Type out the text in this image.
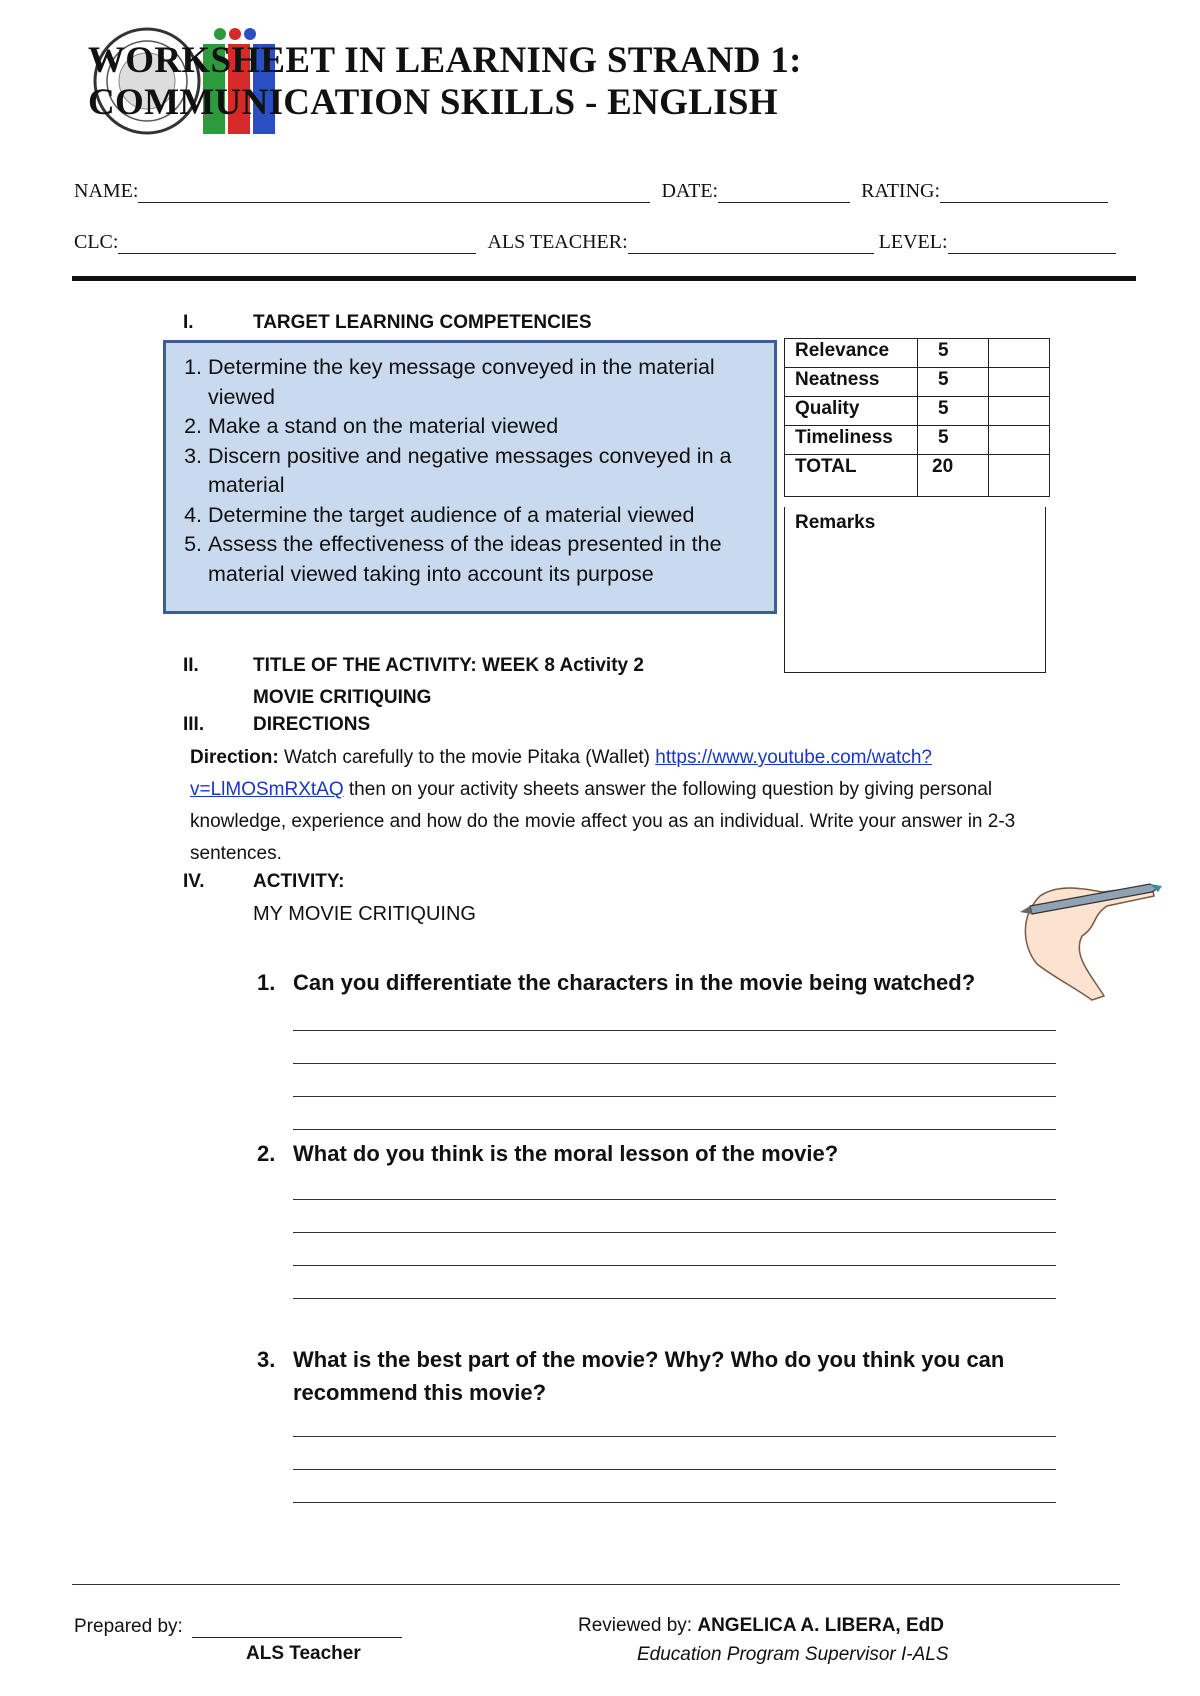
WORKSHEET IN LEARNING STRAND 1:
COMMUNICATION SKILLS - ENGLISH
NAME:	DATE:	RATING:
CLC:	ALS TEACHER:	LEVEL:
I.	TARGET LEARNING COMPETENCIES
1. Determine the key message conveyed in the material viewed
2. Make a stand on the material viewed
3. Discern positive and negative messages conveyed in a material
4. Determine the target audience of a material viewed
5. Assess the effectiveness of the ideas presented in the material viewed taking into account its purpose
Relevance	5	
Neatness	5	
Quality	5	
Timeliness	5	
TOTAL	20	
Remarks
II.	TITLE OF THE ACTIVITY: WEEK 8 Activity 2
MOVIE CRITIQUING
III.	DIRECTIONS
Direction: Watch carefully to the movie Pitaka (Wallet) https://www.youtube.com/watch?v=LlMOSmRXtAQ then on your activity sheets answer the following question by giving personal knowledge, experience and how do the movie affect you as an individual. Write your answer in 2-3 sentences.
IV.	ACTIVITY:
MY MOVIE CRITIQUING
1. Can you differentiate the characters in the movie being watched?
2. What do you think is the moral lesson of the movie?
3. What is the best part of the movie? Why? Who do you think you can recommend this movie?
Prepared by:
ALS Teacher
Reviewed by: ANGELICA A. LIBERA, EdD
Education Program Supervisor I-ALS
